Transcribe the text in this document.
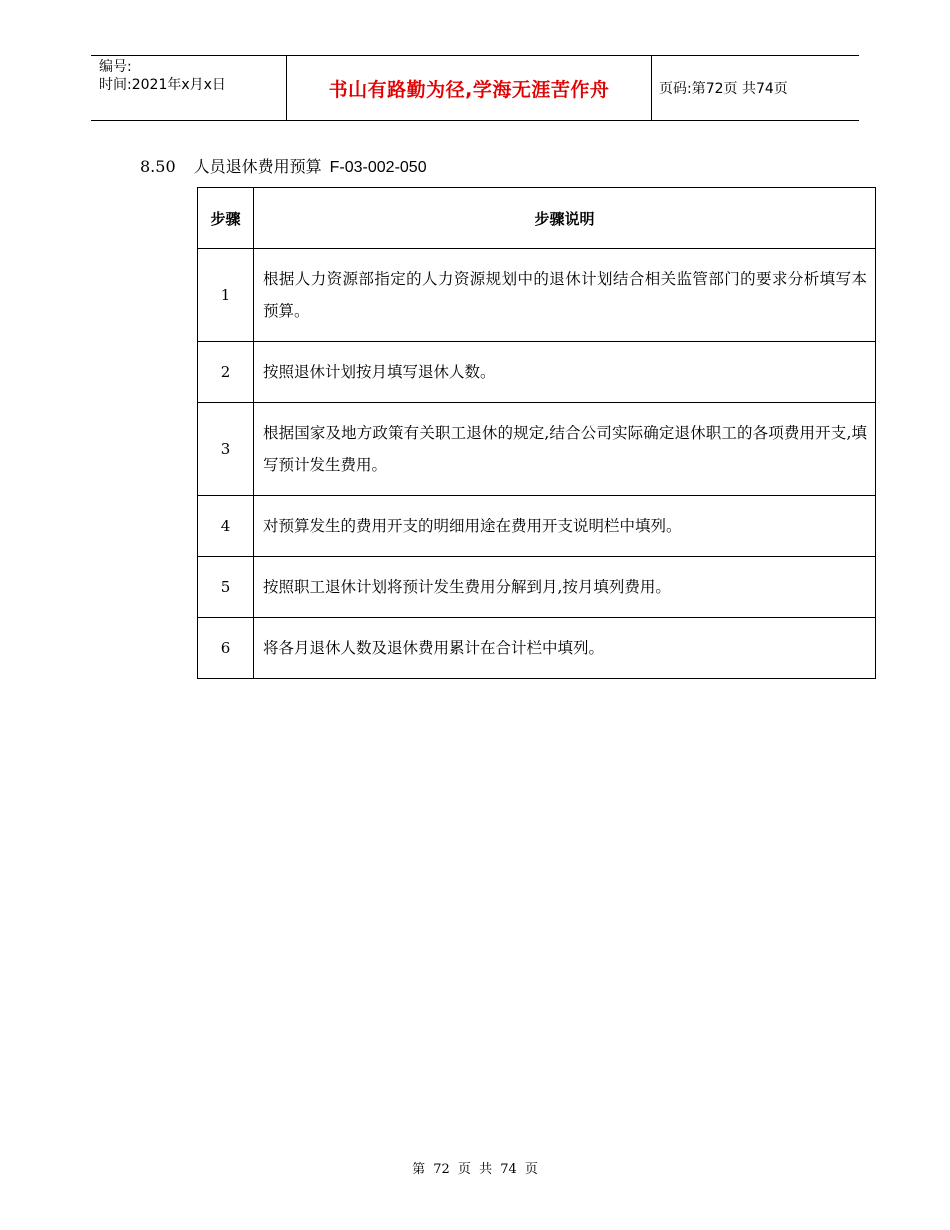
编号:
时间:2021年x月x日	书山有路勤为径,学海无涯苦作舟	页码:第72页 共74页
8.50 人员退休费用预算 F-03-002-050
步骤	步骤说明
1	根据人力资源部指定的人力资源规划中的退休计划结合相关监管部门的要求分析填写本预算。
2	按照退休计划按月填写退休人数。
3	根据国家及地方政策有关职工退休的规定,结合公司实际确定退休职工的各项费用开支,填写预计发生费用。
4	对预算发生的费用开支的明细用途在费用开支说明栏中填列。
5	按照职工退休计划将预计发生费用分解到月,按月填列费用。
6	将各月退休人数及退休费用累计在合计栏中填列。
第 72 页 共 74 页
